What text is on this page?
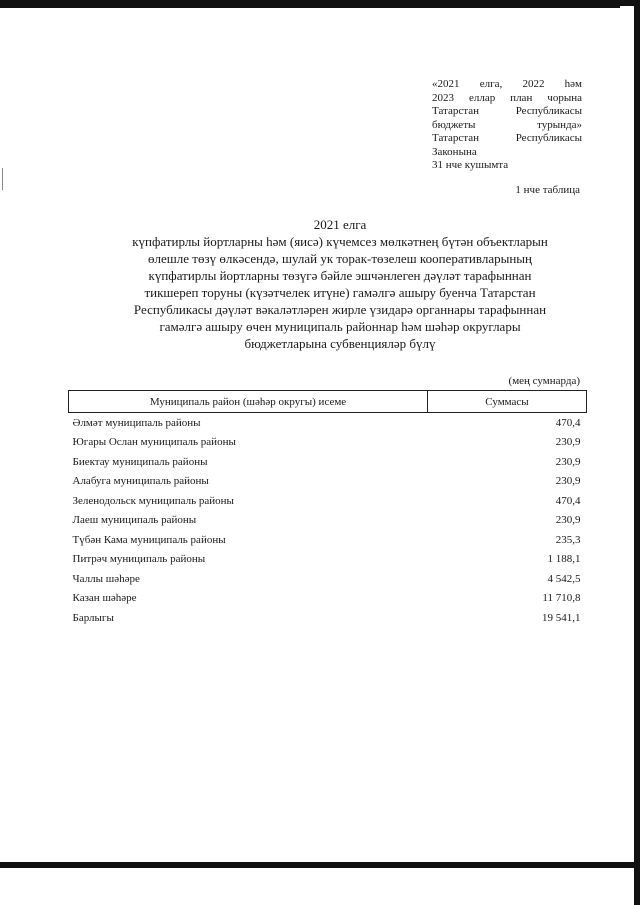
«2021 елга, 2022 һәм
2023 еллар план чорына
Татарстан Республикасы
бюджеты турында»
Татарстан Республикасы
Законына
31 нче кушымта
1 нче таблица
2021 елга
күпфатирлы йортларны һәм (яисә) күчемсез мөлкәтнең бүтән объектларын
өлешле төзү өлкәсендә, шулай ук торак-төзелеш кооперативларының
күпфатирлы йортларны төзүгә бәйле эшчәнлеген дәүләт тарафыннан
тикшереп торуны (күзәтчелек итүне) гамәлгә ашыру буенча Татарстан
Республикасы дәүләт вәкаләтләрен жирле үзидарә органнары тарафыннан
гамәлгә ашыру өчен муниципаль районнар һәм шәһәр округлары
бюджетларына субвенцияләр бүлү
(мең сумнарда)
Муниципаль район (шәһәр округы) исеме	Суммасы
Әлмәт муниципаль районы	470,4
Югары Ослан муниципаль районы	230,9
Биектау муниципаль районы	230,9
Алабуга муниципаль районы	230,9
Зеленодольск муниципаль районы	470,4
Лаеш муниципаль районы	230,9
Түбән Кама муниципаль районы	235,3
Питрәч муниципаль районы	1 188,1
Чаллы шәһәре	4 542,5
Казан шәһәре	11 710,8
Барлыгы	19 541,1
